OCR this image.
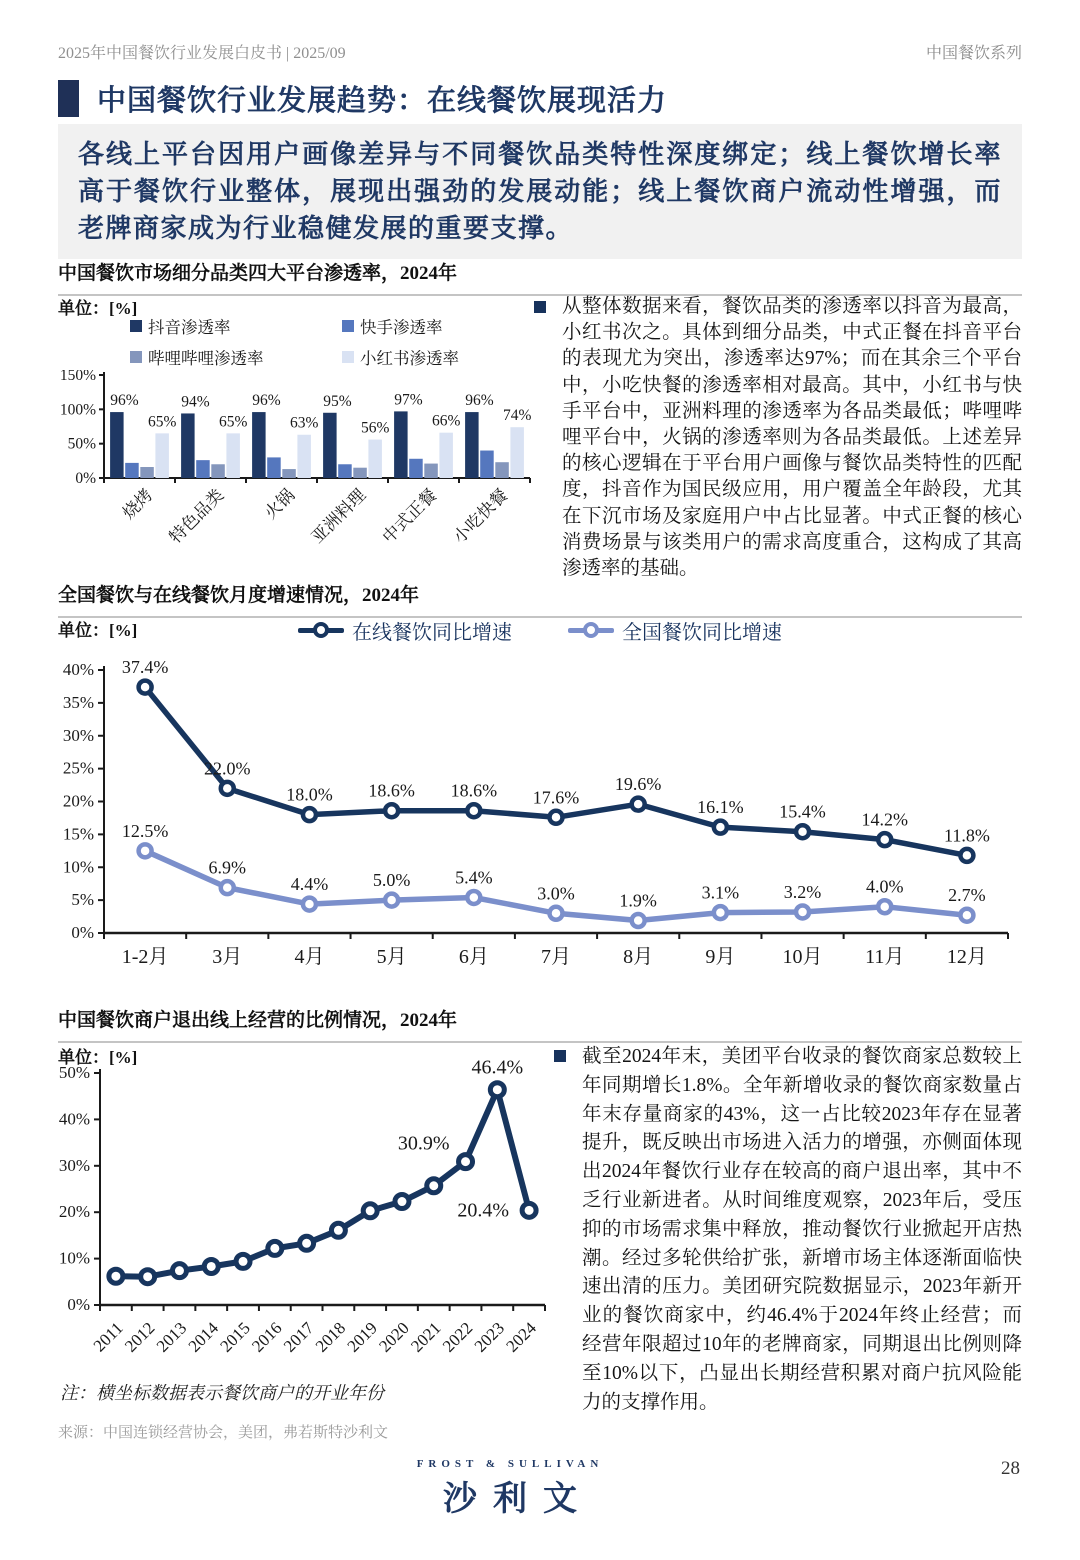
2025年中国餐饮行业发展白皮书 | 2025/09	中国餐饮系列
中国餐饮行业发展趋势：在线餐饮展现活力
各线上平台因用户画像差异与不同餐饮品类特性深度绑定；线上餐饮增长率高于餐饮行业整体，展现出强劲的发展动能；线上餐饮商户流动性增强，而老牌商家成为行业稳健发展的重要支撑。
中国餐饮市场细分品类四大平台渗透率，2024年
单位：[%]
抖音渗透率	快手渗透率
哔哩哔哩渗透率	小红书渗透率
0%
50%
100%
150%
96%
65%
烧烤
94%
65%
特色品类
96%
63%
火锅
95%
56%
亚洲料理
97%
66%
中式正餐
96%
74%
小吃快餐
从整体数据来看，餐饮品类的渗透率以抖音为最高，小红书次之。具体到细分品类，中式正餐在抖音平台的表现尤为突出，渗透率达97%；而在其余三个平台中，小吃快餐的渗透率相对最高。其中，小红书与快手平台中，亚洲料理的渗透率为各品类最低；哔哩哔哩平台中，火锅的渗透率则为各品类最低。上述差异的核心逻辑在于平台用户画像与餐饮品类特性的匹配度，抖音作为国民级应用，用户覆盖全年龄段，尤其在下沉市场及家庭用户中占比显著。中式正餐的核心消费场景与该类用户的需求高度重合，这构成了其高渗透率的基础。
全国餐饮与在线餐饮月度增速情况，2024年
单位：[%]	在线餐饮同比增速	全国餐饮同比增速
0%
5%
10%
15%
20%
25%
30%
35%
40% 37.4%
22.0%
18.0% 18.6% 18.6% 17.6%
19.6%
16.1% 15.4% 14.2%
11.8%
12.5%
6.9%
4.4% 5.0% 5.4%
3.0% 1.9% 3.1% 3.2% 4.0% 2.7%
1-2月 3月	4月	5月	6月	7月	8月	9月 10月 11月 12月
中国餐饮商户退出线上经营的比例情况，2024年
单位：[%]
0%
10%
20%
30%
40%
50%
30.9%
46.4%
20.4%
2011
2012
2013
2014
2015
2016
2017
2018
2019
2020
2021
2022
2023
2024
截至2024年末，美团平台收录的餐饮商家总数较上年同期增长1.8%。全年新增收录的餐饮商家数量占年末存量商家的43%，这一占比较2023年存在显著提升，既反映出市场进入活力的增强，亦侧面体现出2024年餐饮行业存在较高的商户退出率，其中不乏行业新进者。从时间维度观察，2023年后，受压抑的市场需求集中释放，推动餐饮行业掀起开店热潮。经过多轮供给扩张，新增市场主体逐渐面临快速出清的压力。美团研究院数据显示，2023年新开业的餐饮商家中，约46.4%于2024年终止经营；而经营年限超过10年的老牌商家，同期退出比例则降至10%以下，凸显出长期经营积累对商户抗风险能力的支撑作用。
注：横坐标数据表示餐饮商户的开业年份
来源：中国连锁经营协会，美团，弗若斯特沙利文
FROST & SULLIVAN
沙利文
28
